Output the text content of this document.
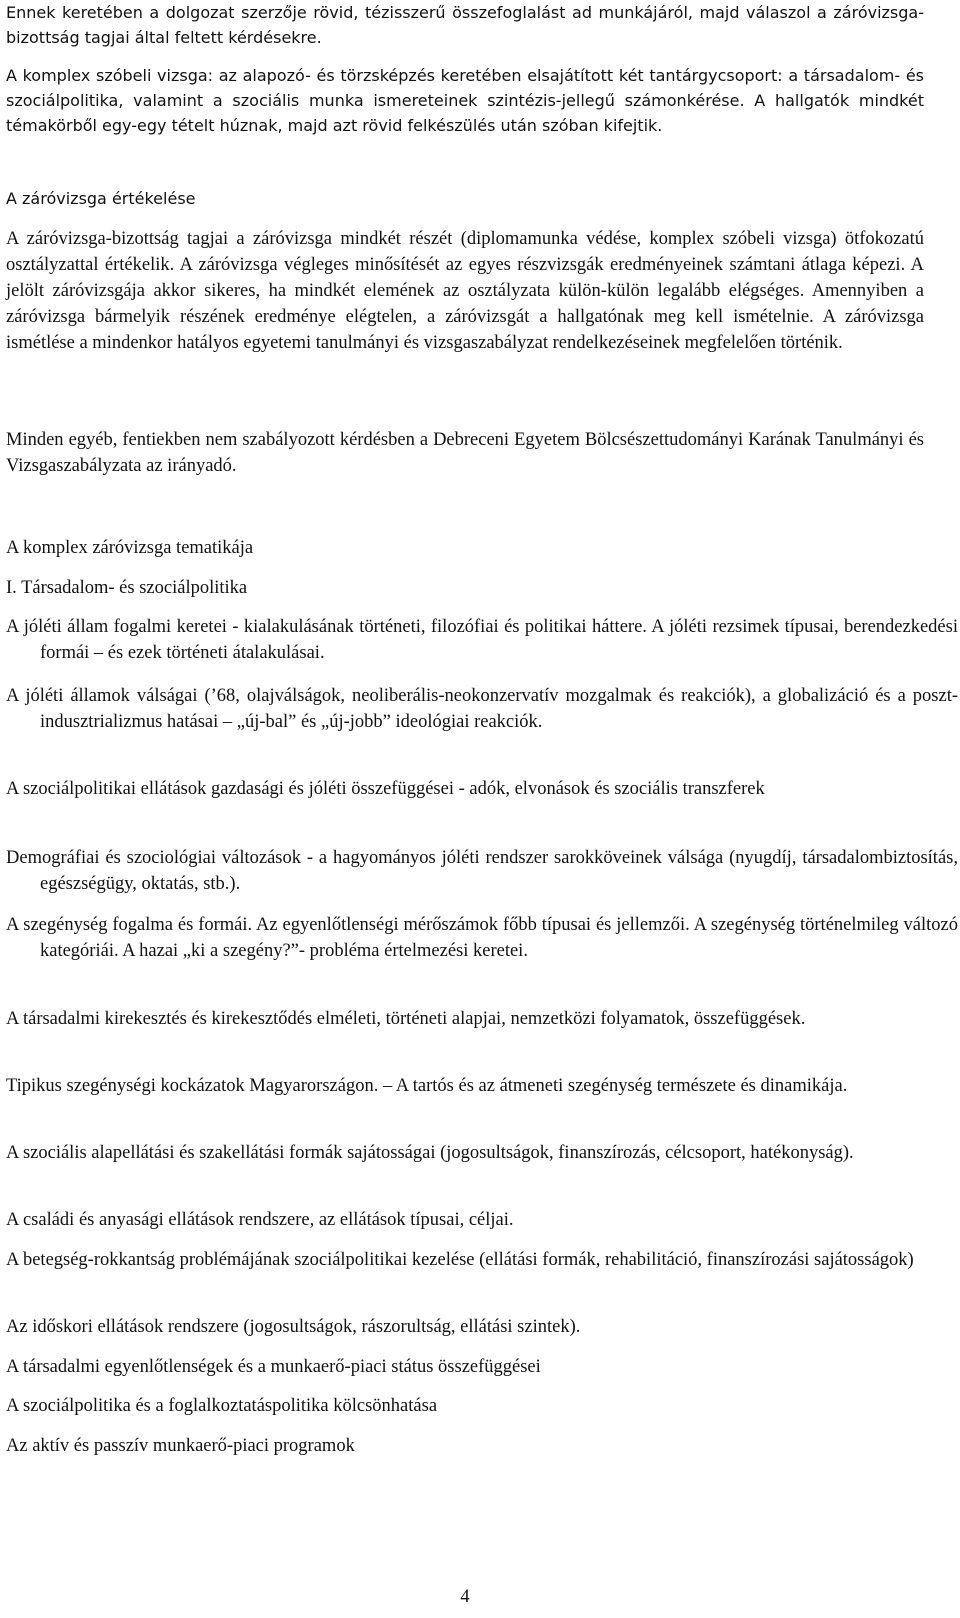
Ennek keretében a dolgozat szerzője rövid, tézisszerű összefoglalást ad munkájáról, majd válaszol a záróvizsga-bizottság tagjai által feltett kérdésekre.

A komplex szóbeli vizsga: az alapozó- és törzsképzés keretében elsajátított két tantárgycsoport: a társadalom- és szociálpolitika, valamint a szociális munka ismereteinek szintézis-jellegű számonkérése. A hallgatók mindkét témakörből egy-egy tételt húznak, majd azt rövid felkészülés után szóban kifejtik.

A záróvizsga értékelése

A záróvizsga-bizottság tagjai a záróvizsga mindkét részét (diplomamunka védése, komplex szóbeli vizsga) ötfokozatú osztályzattal értékelik. A záróvizsga végleges minősítését az egyes részvizsgák eredményeinek számtani átlaga képezi. A jelölt záróvizsgája akkor sikeres, ha mindkét elemének az osztályzata külön-külön legalább elégséges. Amennyiben a záróvizsga bármelyik részének eredménye elégtelen, a záróvizsgát a hallgatónak meg kell ismételnie. A záróvizsga ismétlése a mindenkor hatályos egyetemi tanulmányi és vizsgaszabályzat rendelkezéseinek megfelelően történik.

Minden egyéb, fentiekben nem szabályozott kérdésben a Debreceni Egyetem Bölcsészettudományi Karának Tanulmányi és Vizsgaszabályzata az irányadó.

A komplex záróvizsga tematikája

I. Társadalom- és szociálpolitika

A jóléti állam fogalmi keretei - kialakulásának történeti, filozófiai és politikai háttere. A jóléti rezsimek típusai, berendezkedési formái – és ezek történeti átalakulásai.

A jóléti államok válságai (’68, olajválságok, neoliberális-neokonzervatív mozgalmak és reakciók), a globalizáció és a poszt-indusztrializmus hatásai – „új-bal” és „új-jobb” ideológiai reakciók.

A szociálpolitikai ellátások gazdasági és jóléti összefüggései - adók, elvonások és szociális transzferek

Demográfiai és szociológiai változások - a hagyományos jóléti rendszer sarokköveinek válsága (nyugdíj, társadalombiztosítás, egészségügy, oktatás, stb.).

A szegénység fogalma és formái. Az egyenlőtlenségi mérőszámok főbb típusai és jellemzői. A szegénység történelmileg változó kategóriái. A hazai „ki a szegény?”- probléma értelmezési keretei.

A társadalmi kirekesztés és kirekesztődés elméleti, történeti alapjai, nemzetközi folyamatok, összefüggések.

Tipikus szegénységi kockázatok Magyarországon. – A tartós és az átmeneti szegénység természete és dinamikája.

A szociális alapellátási és szakellátási formák sajátosságai (jogosultságok, finanszírozás, célcsoport, hatékonyság).

A családi és anyasági ellátások rendszere, az ellátások típusai, céljai.

A betegség-rokkantság problémájának szociálpolitikai kezelése (ellátási formák, rehabilitáció, finanszírozási sajátosságok)

Az időskori ellátások rendszere (jogosultságok, rászorultság, ellátási szintek).

A társadalmi egyenlőtlenségek és a munkaerő-piaci státus összefüggései

A szociálpolitika és a foglalkoztatáspolitika kölcsönhatása

Az aktív és passzív munkaerő-piaci programok

4
